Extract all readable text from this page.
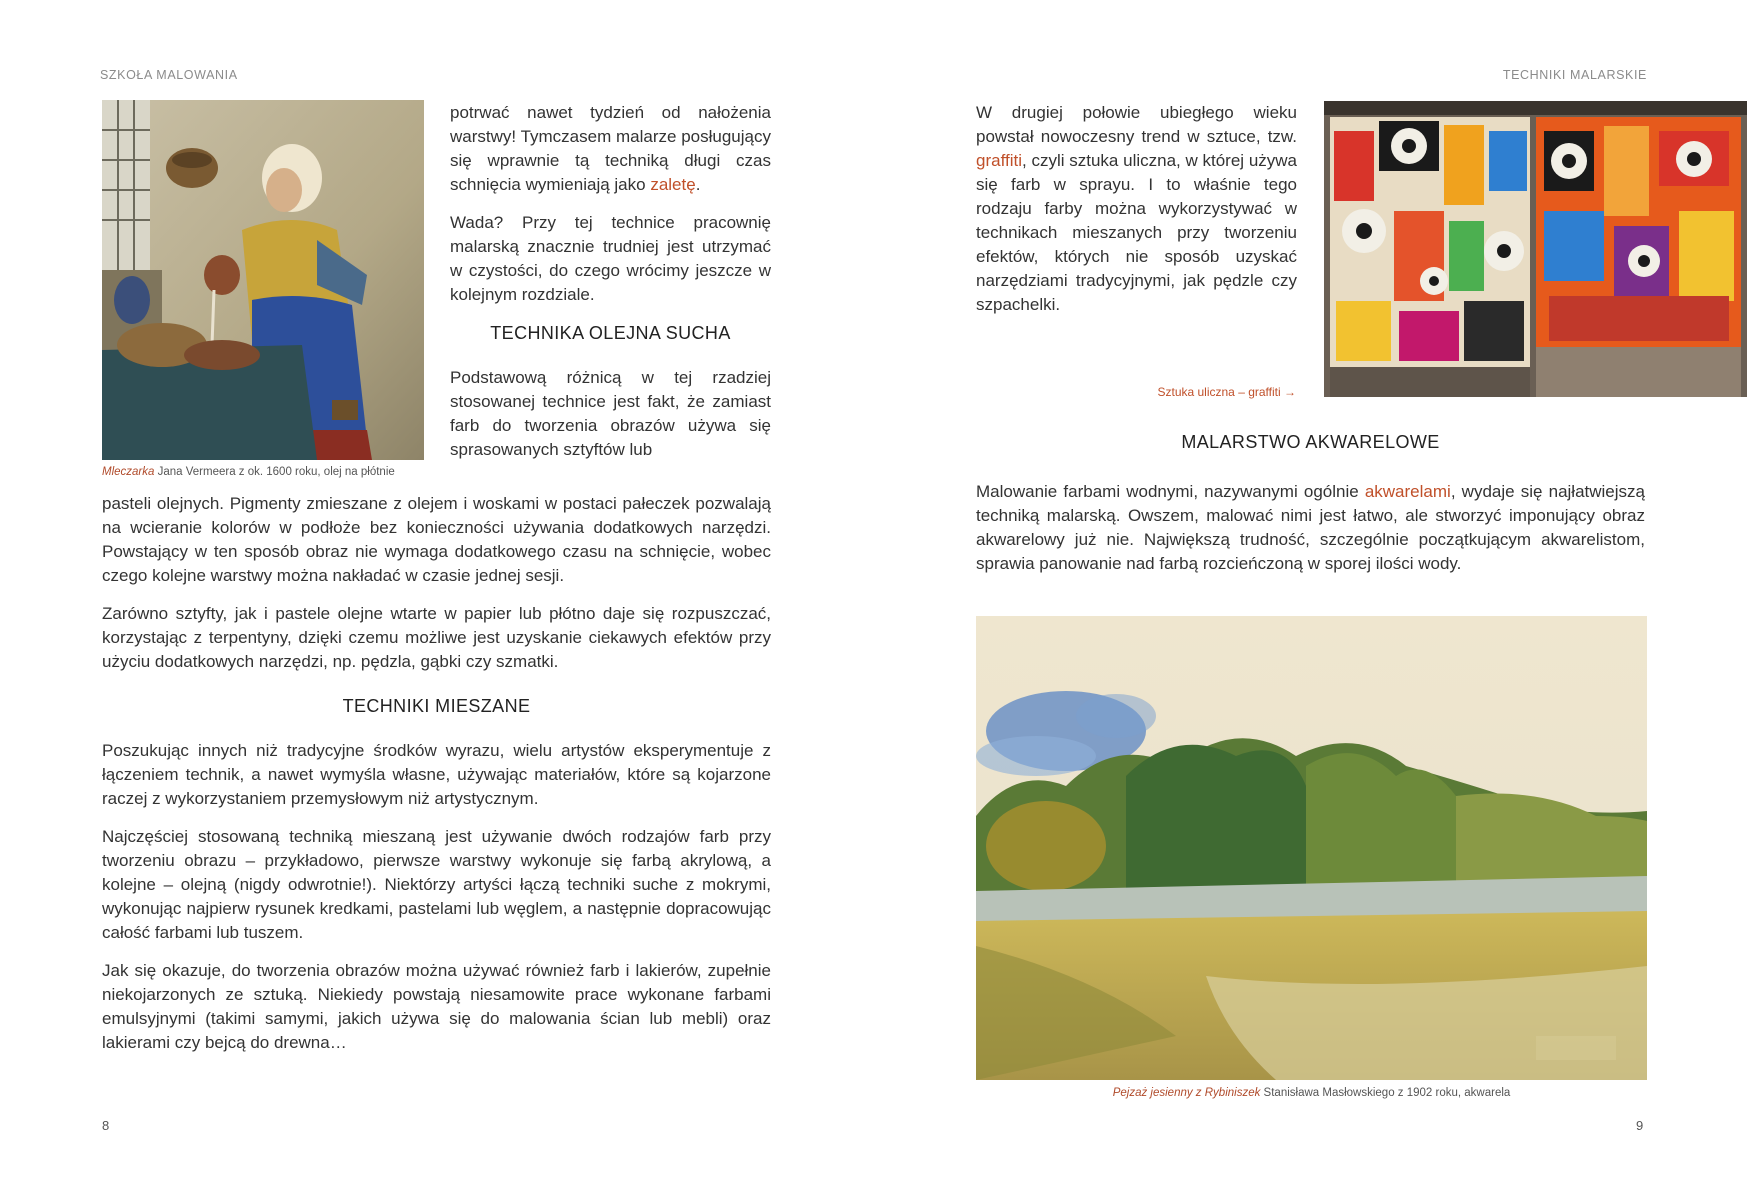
SZKOŁA MALOWANIA
Mleczarka Jana Vermeera z ok. 1600 roku, olej na płótnie

potrwać nawet tydzień od nałożenia warstwy! Tymczasem malarze posługujący się wprawnie tą techniką długi czas schnięcia wymieniają jako zaletę.

Wada? Przy tej technice pracownię malarską znacznie trudniej jest utrzymać w czystości, do czego wrócimy jeszcze w kolejnym rozdziale.

TECHNIKA OLEJNA SUCHA

Podstawową różnicą w tej rzadziej stosowanej technice jest fakt, że zamiast farb do tworzenia obrazów używa się sprasowanych sztyftów lub

pasteli olejnych. Pigmenty zmieszane z olejem i woskami w postaci pałeczek pozwalają na wcieranie kolorów w podłoże bez konieczności używania dodatkowych narzędzi. Powstający w ten sposób obraz nie wymaga dodatkowego czasu na schnięcie, wobec czego kolejne warstwy można nakładać w czasie jednej sesji.

Zarówno sztyfty, jak i pastele olejne wtarte w papier lub płótno daje się rozpuszczać, korzystając z terpentyny, dzięki czemu możliwe jest uzyskanie ciekawych efektów przy użyciu dodatkowych narzędzi, np. pędzla, gąbki czy szmatki.

TECHNIKI MIESZANE

Poszukując innych niż tradycyjne środków wyrazu, wielu artystów eksperymentuje z łączeniem technik, a nawet wymyśla własne, używając materiałów, które są kojarzone raczej z wykorzystaniem przemysłowym niż artystycznym.

Najczęściej stosowaną techniką mieszaną jest używanie dwóch rodzajów farb przy tworzeniu obrazu – przykładowo, pierwsze warstwy wykonuje się farbą akrylową, a kolejne – olejną (nigdy odwrotnie!). Niektórzy artyści łączą techniki suche z mokrymi, wykonując najpierw rysunek kredkami, pastelami lub węglem, a następnie dopracowując całość farbami lub tuszem.

Jak się okazuje, do tworzenia obrazów można używać również farb i lakierów, zupełnie niekojarzonych ze sztuką. Niekiedy powstają niesamowite prace wykonane farbami emulsyjnymi (takimi samymi, jakich używa się do malowania ścian lub mebli) oraz lakierami czy bejcą do drewna…

8
TECHNIKI MALARSKIE

W drugiej połowie ubiegłego wieku powstał nowoczesny trend w sztuce, tzw. graffiti, czyli sztuka uliczna, w której używa się farb w sprayu. I to właśnie tego rodzaju farby można wykorzystywać w technikach mieszanych przy tworzeniu efektów, których nie sposób uzyskać narzędziami tradycyjnymi, jak pędzle czy szpachelki.

Sztuka uliczna – graffiti →

MALARSTWO AKWARELOWE

Malowanie farbami wodnymi, nazywanymi ogólnie akwarelami, wydaje się najłatwiejszą techniką malarską. Owszem, malować nimi jest łatwo, ale stworzyć imponujący obraz akwarelowy już nie. Największą trudność, szczególnie początkującym akwarelistom, sprawia panowanie nad farbą rozcieńczoną w sporej ilości wody.

Pejzaż jesienny z Rybiniszek Stanisława Masłowskiego z 1902 roku, akwarela
9
